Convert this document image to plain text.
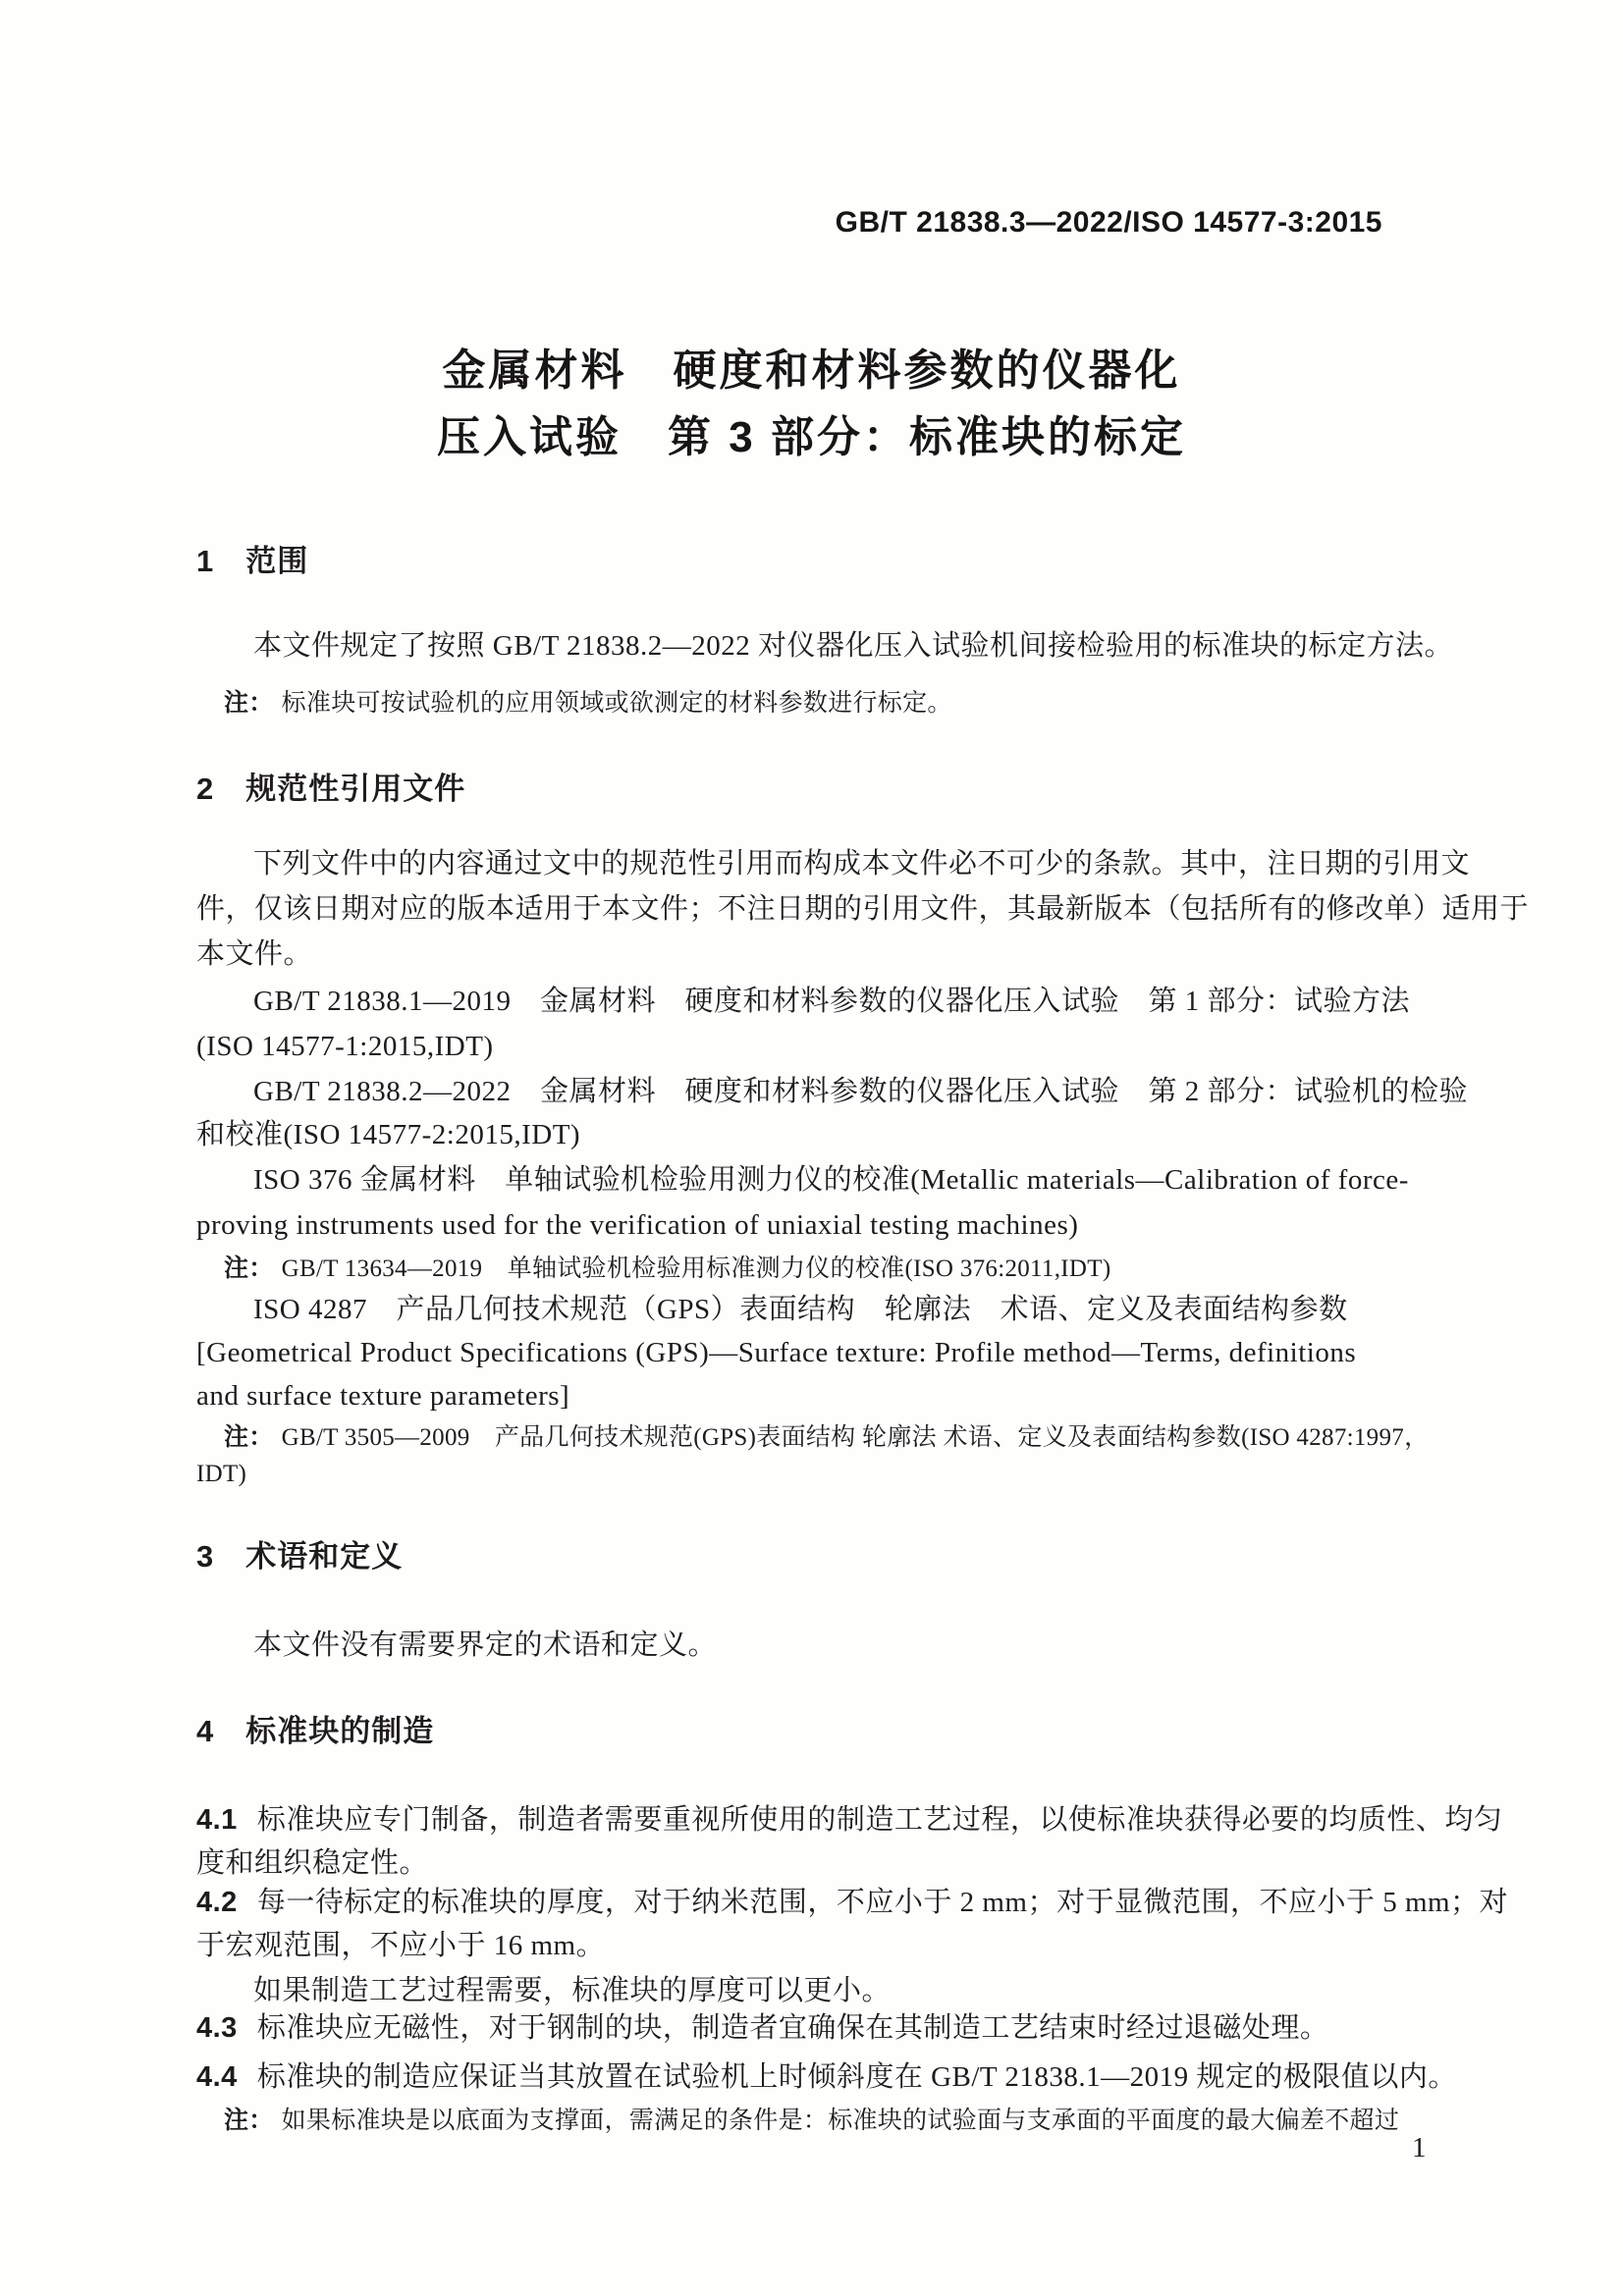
GB/T 21838.3—2022/ISO 14577-3:2015
金属材料　硬度和材料参数的仪器化
压入试验　第 3 部分：标准块的标定
1　范围
本文件规定了按照 GB/T 21838.2—2022 对仪器化压入试验机间接检验用的标准块的标定方法。
注： 标准块可按试验机的应用领域或欲测定的材料参数进行标定。
2　规范性引用文件
下列文件中的内容通过文中的规范性引用而构成本文件必不可少的条款。其中，注日期的引用文
件，仅该日期对应的版本适用于本文件；不注日期的引用文件，其最新版本（包括所有的修改单）适用于
本文件。
GB/T 21838.1—2019　金属材料　硬度和材料参数的仪器化压入试验　第 1 部分：试验方法
(ISO 14577-1:2015,IDT)
GB/T 21838.2—2022　金属材料　硬度和材料参数的仪器化压入试验　第 2 部分：试验机的检验
和校准(ISO 14577-2:2015,IDT)
ISO 376 金属材料　单轴试验机检验用测力仪的校准(Metallic materials—Calibration of force-
proving instruments used for the verification of uniaxial testing machines)
注： GB/T 13634—2019　单轴试验机检验用标准测力仪的校准(ISO 376:2011,IDT)
ISO 4287　产品几何技术规范（GPS）表面结构　轮廓法　术语、定义及表面结构参数
[Geometrical Product Specifications (GPS)—Surface texture: Profile method—Terms, definitions
and surface texture parameters]
注： GB/T 3505—2009　产品几何技术规范(GPS)表面结构 轮廓法 术语、定义及表面结构参数(ISO 4287:1997，
IDT)
3　术语和定义
本文件没有需要界定的术语和定义。
4　标准块的制造
4.1 标准块应专门制备，制造者需要重视所使用的制造工艺过程，以使标准块获得必要的均质性、均匀
度和组织稳定性。
4.2 每一待标定的标准块的厚度，对于纳米范围，不应小于 2 mm；对于显微范围，不应小于 5 mm；对
于宏观范围，不应小于 16 mm。
如果制造工艺过程需要，标准块的厚度可以更小。
4.3 标准块应无磁性，对于钢制的块，制造者宜确保在其制造工艺结束时经过退磁处理。
4.4 标准块的制造应保证当其放置在试验机上时倾斜度在 GB/T 21838.1—2019 规定的极限值以内。
注： 如果标准块是以底面为支撑面，需满足的条件是：标准块的试验面与支承面的平面度的最大偏差不超过
1
